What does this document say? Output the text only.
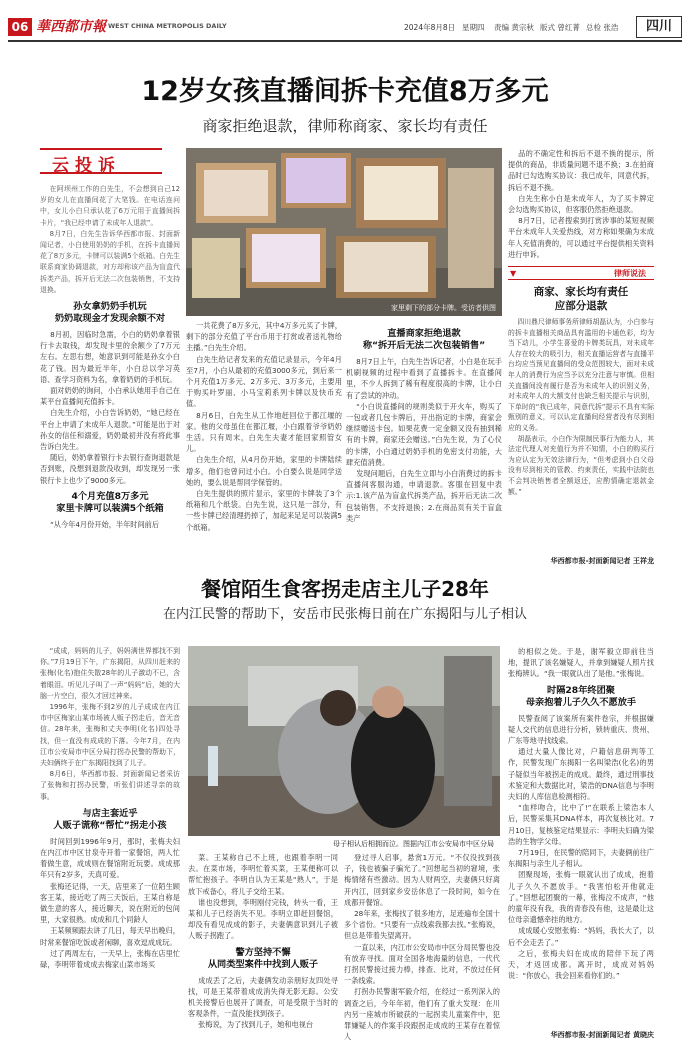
06 華西都市報 WEST CHINA METROPOLIS DAILY	2024年8月8日 星期四 责编 黄宗秋 版式 曾红菁 总检 张浩	四川
12岁女孩直播间拆卡充值8万多元
商家拒绝退款，律师称商家、家长均有责任
云投诉

在阿坝州工作的白先生，不会想到自己12岁的女儿在直播间花了大笔钱。在电话连问中，女儿小白只承认花了6万元用于直播间拆卡片，“我已经申请了未成年人退款”。

8月7日，白先生告诉华西都市报、封面新闻记者，小白使用奶奶的手机，在拆卡直播间花了8万多元，卡牌可以装满5个纸箱。白先生联系商家协调退款，对方却称该产品为盲盒代拆类产品，拆开后无法二次包装销售，不支持退换。

孙女拿奶奶手机玩
奶奶取现金才发现余额不对

8月初，因临时急需，小白的奶奶拿着银行卡去取钱，却发现卡里的余额少了7万元左右。左思右想，她意识到可能是孙女小白花了钱。因为最近半年，小白总以学习英语、查学习资料为名，拿着奶奶的手机玩。

面对奶奶的询问，小白承认她用手自己在某平台直播间充值拆卡。

白先生介绍，小白告诉奶奶，“她已经在平台上申请了未成年人退款。”可能是出于对孙女的信任和溺爱，奶奶最初并没有将此事告诉白先生。

随后，奶奶拿着银行卡去银行查询退款是否到账，没想到退款没收到，却发现另一张银行卡上也少了9000多元。

4个月充值8万多元
家里卡牌可以装满5个纸箱

“从今年4月份开始，半年时间前后

家里剩下的部分卡牌。受访者供图

一共花费了8万多元，其中4万多元买了卡牌，剩下的部分充值了平台币用于打赏或者送礼物给主播。”白先生介绍。

白先生给记者发来的充值记录显示，今年4月至7月，小白从最初的充值3000多元，到后来一个月充值1万多元、2万多元、3万多元，主要用于购买叶罗丽、小马宝莉系列卡牌以及快币充值。

8月6日，白先生从工作地赶回位于都江堰的家。他的父母虽住在都江堰，小白跟着爷爷奶奶生活。只有周末，白先生夫妻才能回家照管女儿。

白先生介绍，从4月份开始，家里的卡牌陆续增多，他们也曾问过小白。小白要么说是同学送她的，要么说是帮同学保管的。

白先生提供的照片显示，家里的卡牌装了3个纸箱和几个纸袋。白先生说，这只是一部分，有一些卡牌已经清理扔掉了，加起来足足可以装满5个纸箱。

直播商家拒绝退款
称“拆开后无法二次包装销售”

8月7日上午，白先生告诉记者，小白是在玩手机刷视频的过程中看到了直播拆卡。在直播间里，不少人拆到了稀有程度很高的卡牌，让小白有了尝试的冲动。

“小白说直播间的规则类似于开火车，购买了一包或者几包卡牌后，开出指定的卡牌，商家会继续赠送卡包。如果花费一定金额又没有抽到稀有的卡牌，商家还会赠送。”白先生说，为了心仪的卡牌，小白通过奶奶手机的免密支付功能，大肆充值消费。

发现问题后，白先生立即与小白消费过的拆卡直播间客服沟通，申请退款。客服在回复中表示:1.该产品为盲盒代拆类产品，拆开后无法二次包装销售，不支持退换；2.在商品页有关于盲盒类产

品的不确定性和拆后不退不换的提示，所提供的商品，非质量问题不退不换；3.在拍商品时已勾选购买协议：我已成年，同意代拆，拆后不退不换。

白先生称小白是未成年人，为了买卡牌定会勾选购买协议，但客服仍然拒绝退款。

8月7日，记者搜索到打赏涉事的某短视频平台未成年人关爱热线，对方称如果确为未成年人充值消费的，可以通过平台提供相关资料进行申诉。

▼	律师说法
商家、家长均有责任
应部分退款

四川鼎尺律师事务所律师胡磊认为，小白参与的拆卡直播相关商品具有滥用的卡通色彩，均为当下动儿，小学生喜爱的卡牌类玩具，对未成年人存在较大的吸引力，相关直播运营者与直播平台均应当预见直播间的受众范围较大，面对未成年人的消费行为应当予以充分注意与审慎。但相关直播间没有履行是否为未成年人的识别义务，对未成年人的大额支付也缺乏相关提示与识别，下单时的“我已成年，同意代拆”提示不具有实际甄别的意义，可以认定直播间经营者没有尽到相应的义务。

胡磊表示，小白作为限制民事行为能力人，其法定代理人对充值行为并不知情，小白的购买行为应认定为无效法律行为，“但考虑到小白父母没有尽到相关的管教、约束责任，实践中法院也不会判决销售者全额返还，应酌情确定退款金额。”

华西都市报-封面新闻记者 王祥龙
餐馆陌生食客拐走店主儿子28年
在内江民警的帮助下，安岳市民张梅日前在广东揭阳与儿子相认

“成成，妈妈的儿子，妈妈满世界都找不到你。”7月19日下午，广东揭阳，从四川赶来的张梅(化名)抱住失散28年的儿子激动不已，含着眼泪。听见儿子叫了一声“妈妈”后，她的大脑一片空白，很久才回过神来。

1996年，张梅不到2岁的儿子成成在内江市中区梅家山某市场被人贩子拐走后，音无音信。28年来，张梅和丈夫李明(化名)四处寻找，但一直没有成成的下落。今年7月，在内江市公安局市中区分局打拐办民警的帮助下，夫妇俩终于在广东揭阳找到了儿子。

8月6日，华西都市报、封面新闻记者采访了张梅和打拐办民警，听张们讲述寻亲的故事。

与店主套近乎
人贩子谎称“帮忙”拐走小孩

时间回到1996年9月，那时，张梅夫妇在内江市中区甘泉寺开着一家餐馆，两人忙着做生意，成成则在餐馆附近玩要。成成那年只有2岁多，天真可爱。

张梅还记得，一天，店里来了一位陌生顾客王某，接近吃了两三天饭后，王某自称是做生意的客人，接近聊天，说在附近的包间里，大家很熟。成成和几个同龄人

王某频频跟去讲了几日，每天早出晚归，时常来餐馆吃饭或者闲聊，喜欢逗成成玩。

过了两周左右，一天早上，张梅在店里忙碌，李明带着成成去梅家山菜市场买

母子相认后相拥而泣。图据内江市公安局市中区分局

菜。王某称自己不上班，也跟着李明一同去。在菜市场，李明忙着买菜，王某便称可以帮忙抱孩子。李明自认为王某是“熟人”，于是放下戒备心，将儿子交给王某。

谁也没想到，李明刚付完钱，转头一看，王某和儿子已经消失不见。李明立即赶回餐馆，却没有看见成成的影子，夫妻俩意识到儿子被人贩子拐跑了。

警方坚持不懈
从同类型案件中找到人贩子

成成丢了之后，夫妻俩发动亲朋好友四处寻找，可是王某带着成成消失得无影无踪。公安机关接警后也展开了调查，可是受限于当时的客观条件，一直没能找到孩子。

张梅说，为了找到儿子，她和电视台

登过寻人启事，悬赏1万元。“不仅没找到孩子，钱也被骗子骗光了。”回想起当初的窘境，张梅情绪有些激动。因为人财两空，夫妻俩只好离开内江，回到家乡安岳休息了一段时间，如今在成都开餐馆。

28年来，张梅找了很多地方，足迹遍布全国十多个省份。“只要有一点线索我都去找。”张梅说，但总是带着失望离开。

一直以来，内江市公安局市中区分局民警也没有放弃寻找。面对全国各地海量的信息，一代代打拐民警接过接力棒，排查、比对，不放过任何一条线索。

打拐办民警谢军毅介绍，在经过一系列深入的调查之后，今年年初，他们有了重大发现：在川内另一座城市所破获的一起拐卖儿童案件中，犯罪嫌疑人的作案手段跟拐走成成的王某存在着惊人

的相似之处。于是，谢军毅立即前往当地，提讯了该名嫌疑人，并拿到嫌疑人照片找张梅辨认。“我一眼就认出了是他。”张梅说。

时隔28年终团聚
母亲抱着儿子久久不愿放手

民警查阅了该案所有案件卷宗，并根据嫌疑人交代的信息进行分析，锁转重庆、贵州、广东等地寻找线索。

通过大量人像比对，户籍信息研判等工作，民警发现广东揭阳一名叫梁浩(化名)的男子疑似当年被拐走的成成。最终，通过刑事技术鉴定和大数据比对，梁浩的DNA信息与李明夫妇的人库信息检测相符。

“血样吻合，比中了!”在联系上梁浩本人后，民警采集其DNA样本，再次复核比对。7月10日，复核鉴定结果显示：李明夫妇确为梁浩的生物学父母。

7月19日，在民警的陪同下，夫妻俩前往广东揭阳与亲生儿子相认。

团聚现场，张梅一眼就认出了成成，抱着儿子久久不愿放手。“我害怕松开他就走了。”回想起团聚的一幕，张梅泣不成声，“他的童年没有我，我的青春没有他，这是最让这位母亲遗憾牵挂的地方。

成成暖心安慰张梅：“妈妈，我长大了，以后不会走丢了。”

之后，张梅夫妇在成成的陪伴下玩了两天，才返回成都。离开时，成成对妈妈说：“你放心，我会回来看你们的。”

华西都市报-封面新闻记者 黄晓庆
